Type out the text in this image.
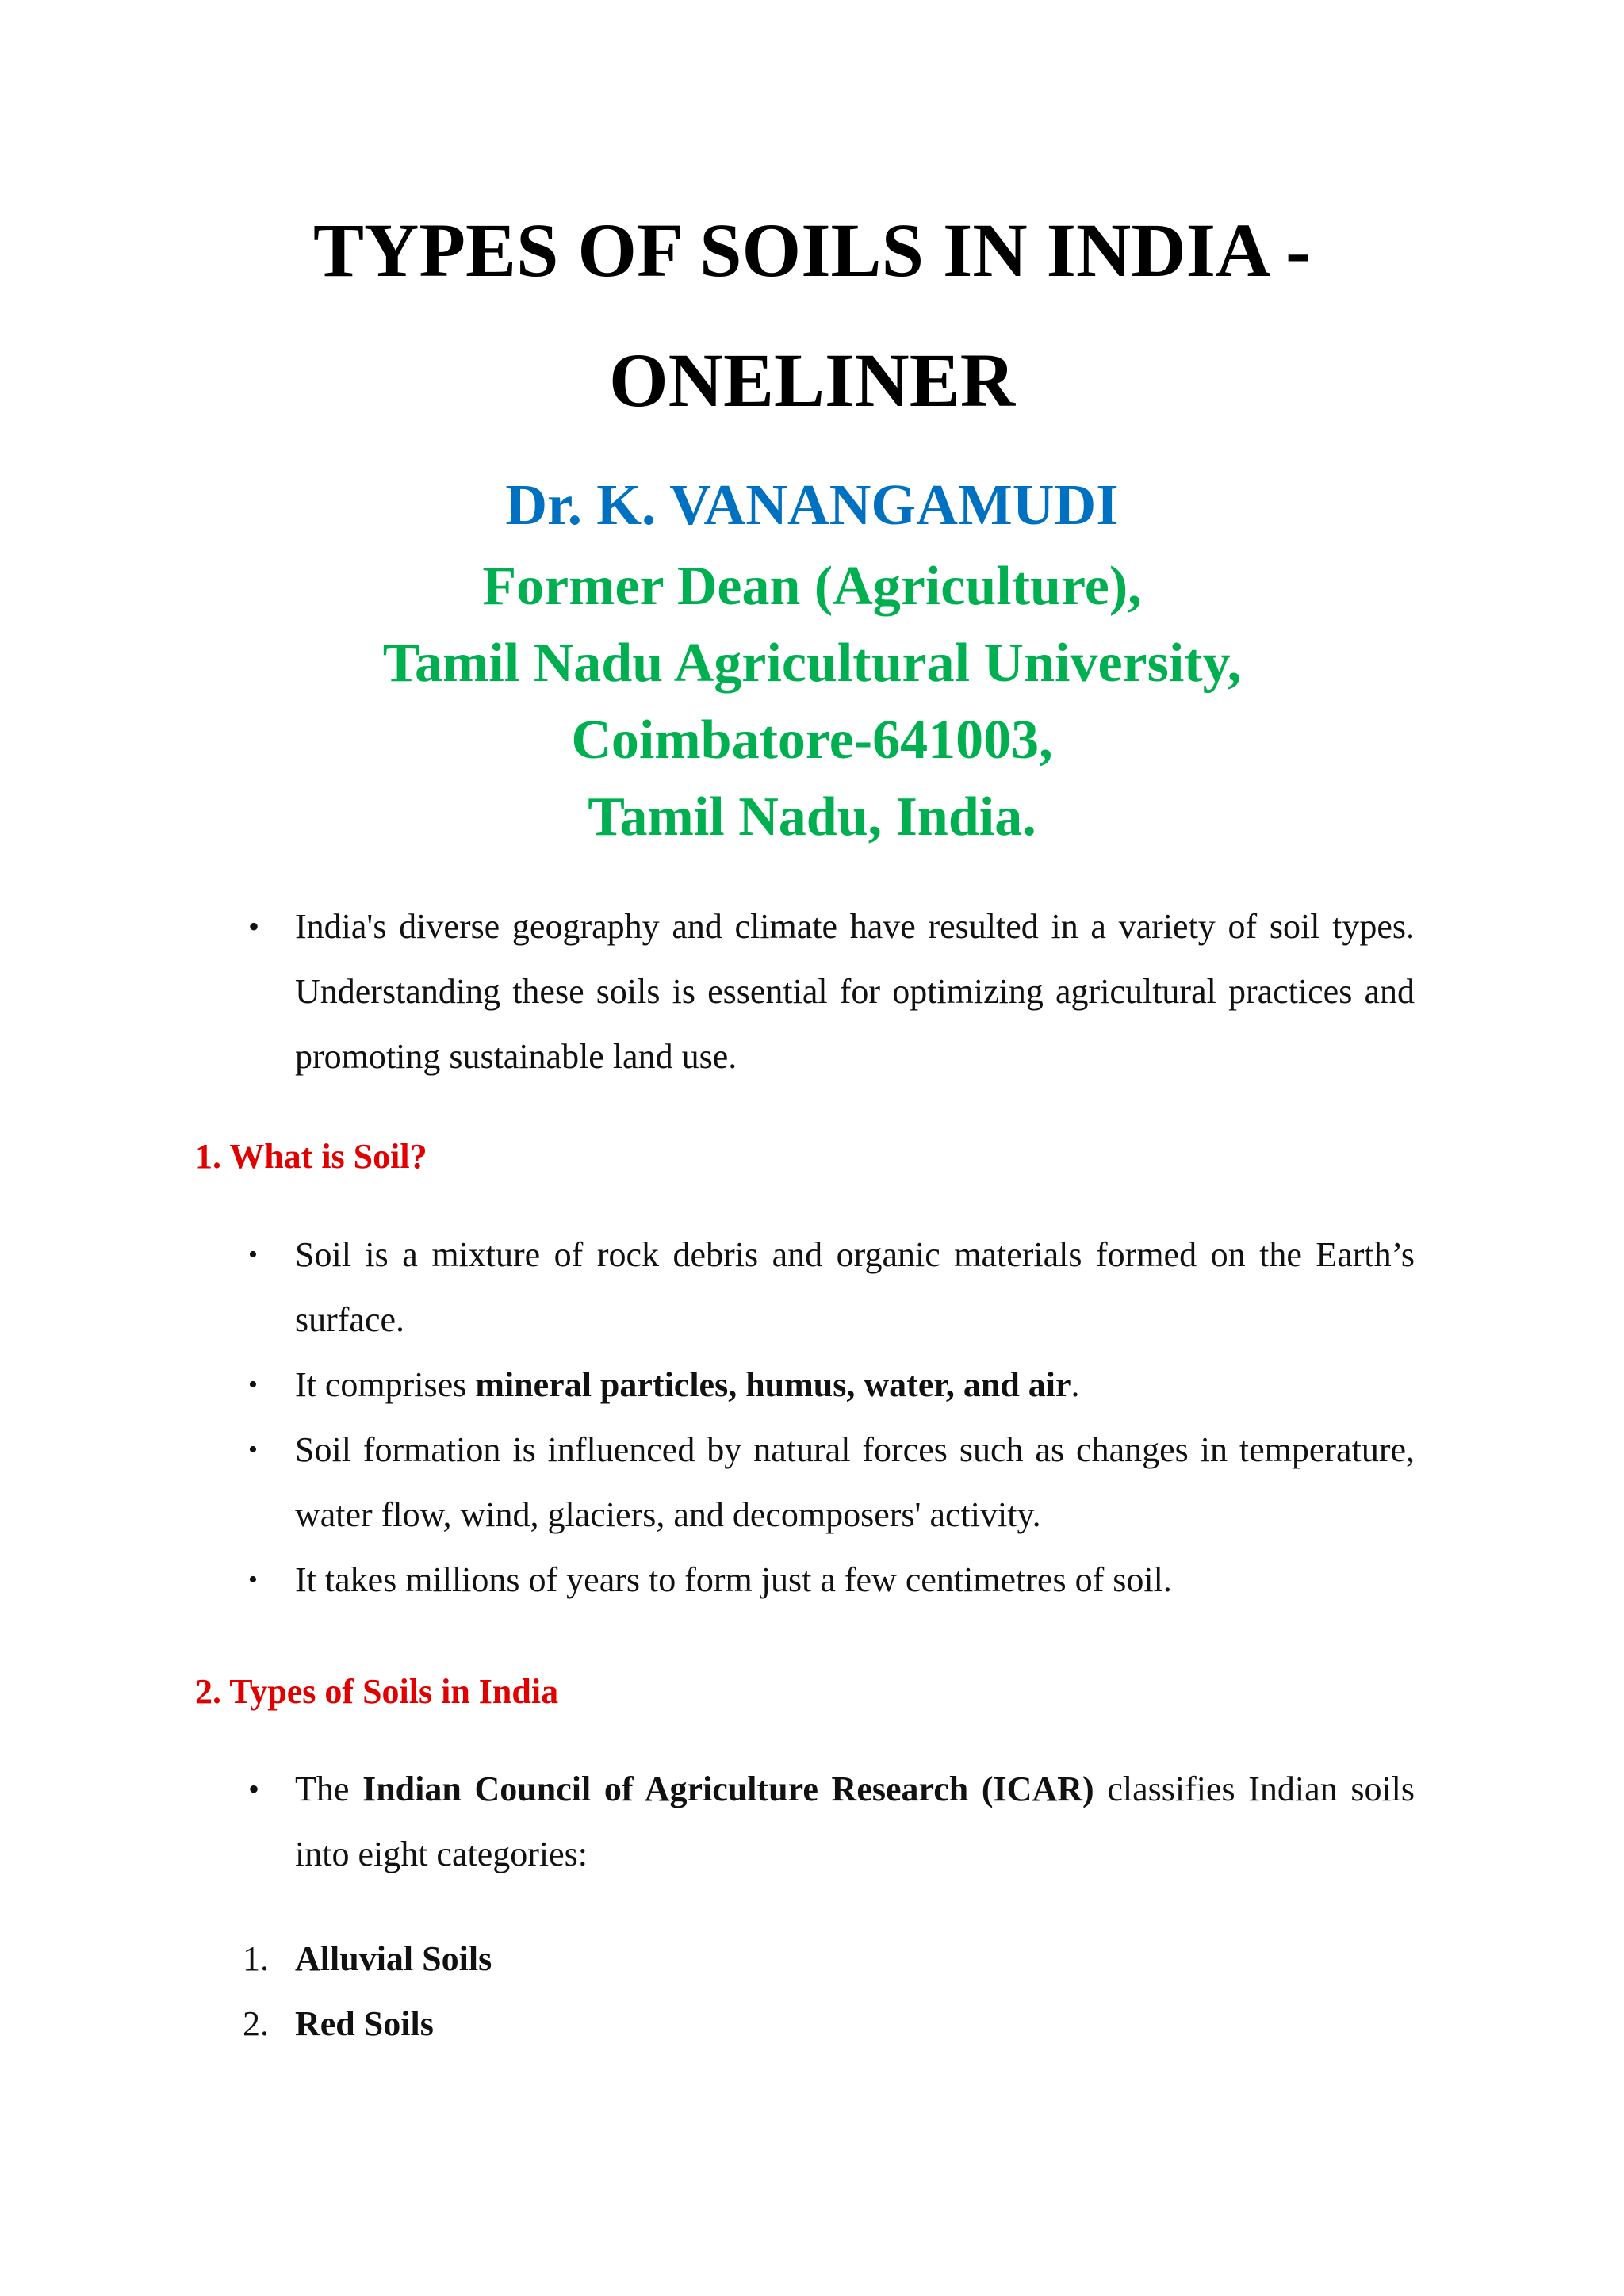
TYPES OF SOILS IN INDIA -
ONELINER
Dr. K. VANANGAMUDI
Former Dean (Agriculture),
Tamil Nadu Agricultural University,
Coimbatore-641003,
Tamil Nadu, India.
• India's diverse geography and climate have resulted in a variety of soil types. Understanding these soils is essential for optimizing agricultural practices and promoting sustainable land use.
1. What is Soil?
• Soil is a mixture of rock debris and organic materials formed on the Earth’s surface.
• It comprises mineral particles, humus, water, and air.
• Soil formation is influenced by natural forces such as changes in temperature, water flow, wind, glaciers, and decomposers' activity.
• It takes millions of years to form just a few centimetres of soil.
2. Types of Soils in India
• The Indian Council of Agriculture Research (ICAR) classifies Indian soils into eight categories:
1. Alluvial Soils
2. Red Soils
